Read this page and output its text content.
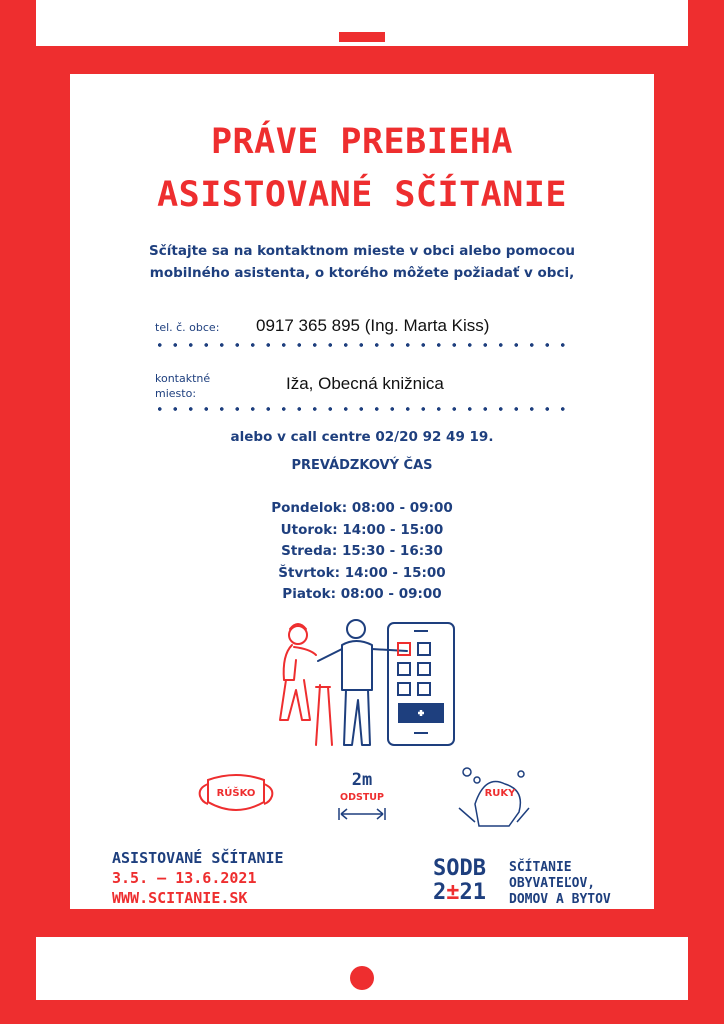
PRÁVE PREBIEHA
ASISTOVANÉ SČÍTANIE
Sčítajte sa na kontaktnom mieste v obci alebo pomocou
mobilného asistenta, o ktorého môžete požiadať v obci,
tel. č. obce: 0917 365 895 (Ing. Marta Kiss)
kontaktné
miesto:
Iža, Obecná knižnica
alebo v call centre 02/20 92 49 19.
PREVÁDZKOVÝ ČAS
Pondelok: 08:00 - 09:00
Utorok: 14:00 - 15:00
Streda: 15:30 - 16:30
Štvrtok: 14:00 - 15:00
Piatok: 08:00 - 09:00
RÚŠKO
2m
ODSTUP	RUKY
ASISTOVANÉ SČÍTANIE
3.5. – 13.6.2021
WWW.SCITANIE.SK
SODB
2±21
SČÍTANIE
OBYVATEĽOV,
DOMOV A BYTOV
